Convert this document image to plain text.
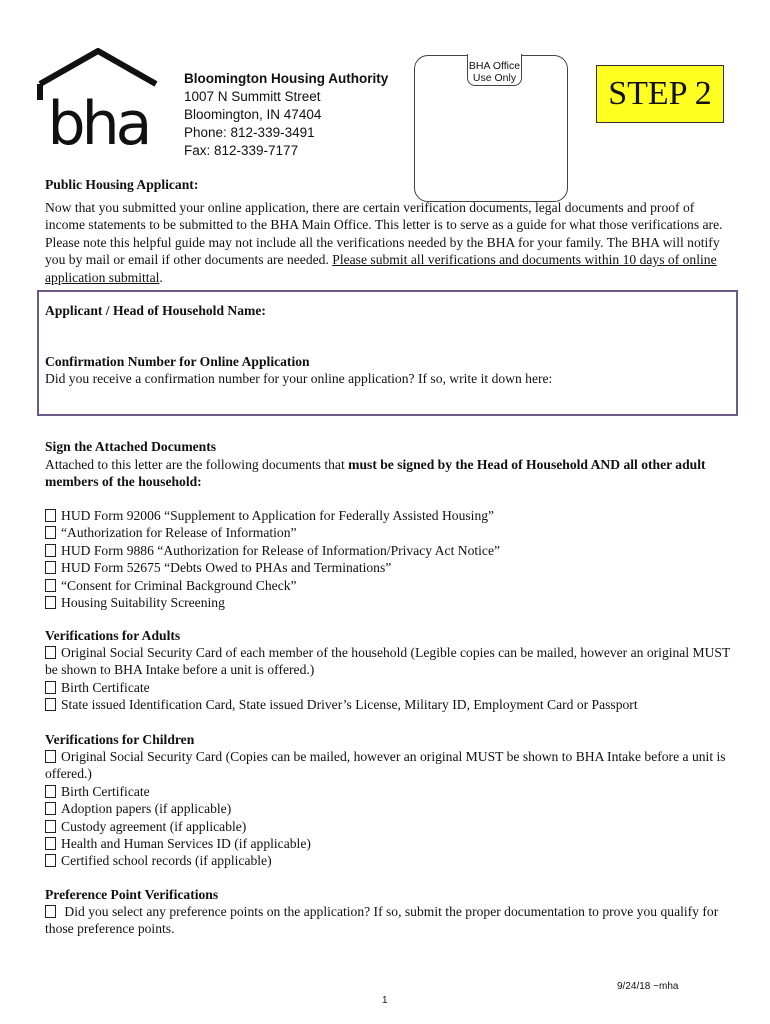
bha
Bloomington Housing Authority
1007 N Summitt Street
Bloomington, IN 47404
Phone: 812-339-3491
Fax: 812-339-7177
BHA Office
Use Only	STEP 2
Public Housing Applicant:
Now that you submitted your online application, there are certain verification documents, legal documents and proof of income statements to be submitted to the BHA Main Office. This letter is to serve as a guide for what those verifications are. Please note this helpful guide may not include all the verifications needed by the BHA for your family. The BHA will notify you by mail or email if other documents are needed. Please submit all verifications and documents within 10 days of online application submittal.
Applicant / Head of Household Name:
Confirmation Number for Online Application
Did you receive a confirmation number for your online application? If so, write it down here:
Sign the Attached Documents
Attached to this letter are the following documents that must be signed by the Head of Household AND all other adult members of the household:
HUD Form 92006 “Supplement to Application for Federally Assisted Housing”
“Authorization for Release of Information”
HUD Form 9886 “Authorization for Release of Information/Privacy Act Notice”
HUD Form 52675 “Debts Owed to PHAs and Terminations”
“Consent for Criminal Background Check”
Housing Suitability Screening
Verifications for Adults
Original Social Security Card of each member of the household (Legible copies can be mailed, however an original MUST be shown to BHA Intake before a unit is offered.)
Birth Certificate
State issued Identification Card, State issued Driver’s License, Military ID, Employment Card or Passport
Verifications for Children
Original Social Security Card (Copies can be mailed, however an original MUST be shown to BHA Intake before a unit is offered.)
Birth Certificate
Adoption papers (if applicable)
Custody agreement (if applicable)
Health and Human Services ID (if applicable)
Certified school records (if applicable)
Preference Point Verifications
Did you select any preference points on the application? If so, submit the proper documentation to prove you qualify for those preference points.
9/24/18 ~mha
1
